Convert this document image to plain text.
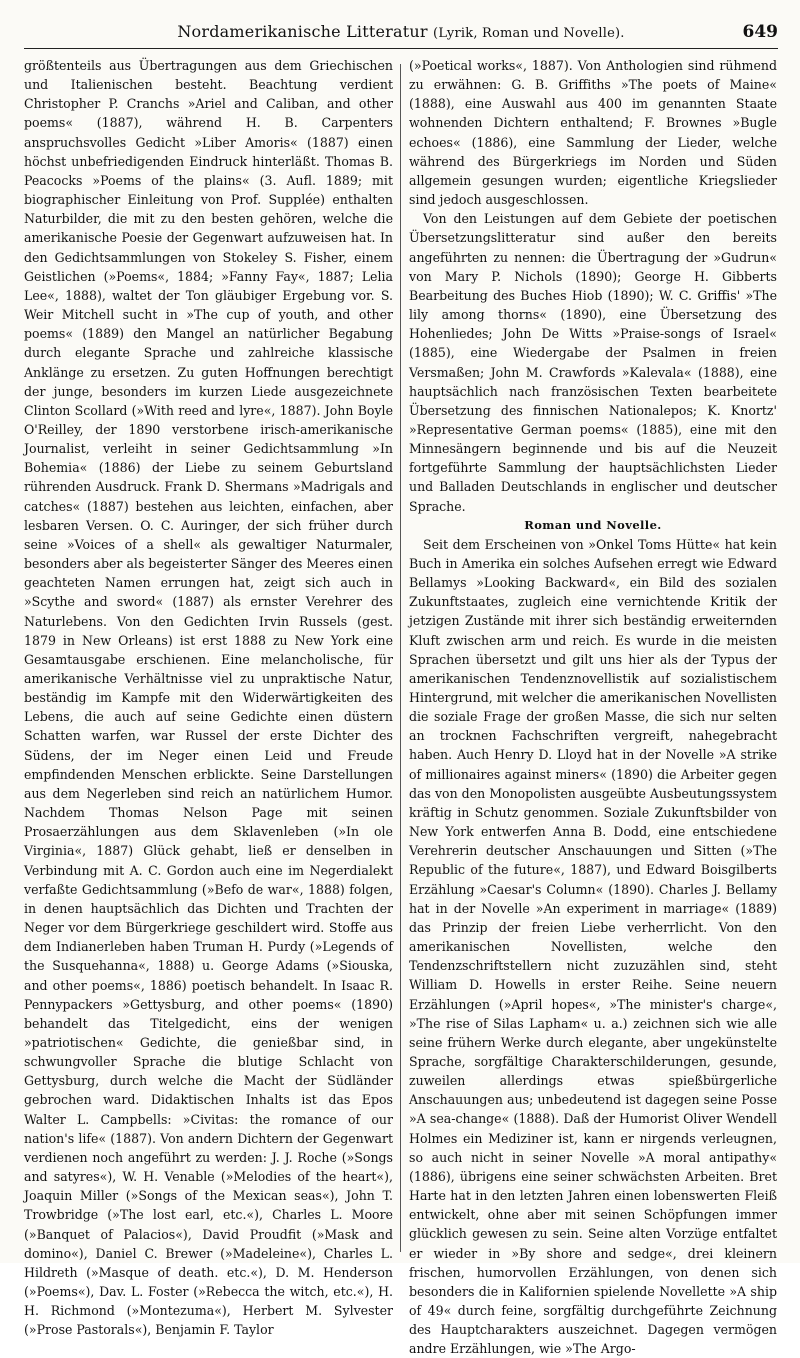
Nordamerikanische Litteratur (Lyrik, Roman und Novelle).	649

größtenteils aus Übertragungen aus dem Griechischen und Italienischen besteht. Beachtung verdient Christopher P. Cranchs »Ariel and Caliban, and other poems« (1887), während H. B. Carpenters anspruchsvolles Gedicht »Liber Amoris« (1887) einen höchst unbefriedigenden Eindruck hinterläßt. Thomas B. Peacocks »Poems of the plains« (3. Aufl. 1889; mit biographischer Einleitung von Prof. Supplée) enthalten Naturbilder, die mit zu den besten gehören, welche die amerikanische Poesie der Gegenwart aufzuweisen hat. In den Gedichtsammlungen von Stokeley S. Fisher, einem Geistlichen (»Poems«, 1884; »Fanny Fay«, 1887; Lelia Lee«, 1888), waltet der Ton gläubiger Ergebung vor. S. Weir Mitchell sucht in »The cup of youth, and other poems« (1889) den Mangel an natürlicher Begabung durch elegante Sprache und zahlreiche klassische Anklänge zu ersetzen. Zu guten Hoffnungen berechtigt der junge, besonders im kurzen Liede ausgezeichnete Clinton Scollard (»With reed and lyre«, 1887). John Boyle O'Reilley, der 1890 verstorbene irisch-amerikanische Journalist, verleiht in seiner Gedichtsammlung »In Bohemia« (1886) der Liebe zu seinem Geburtsland rührenden Ausdruck. Frank D. Shermans »Madrigals and catches« (1887) bestehen aus leichten, einfachen, aber lesbaren Versen. O. C. Auringer, der sich früher durch seine »Voices of a shell« als gewaltiger Naturmaler, besonders aber als begeisterter Sänger des Meeres einen geachteten Namen errungen hat, zeigt sich auch in »Scythe and sword« (1887) als ernster Verehrer des Naturlebens. Von den Gedichten Irvin Russels (gest. 1879 in New Orleans) ist erst 1888 zu New York eine Gesamtausgabe erschienen. Eine melancholische, für amerikanische Verhältnisse viel zu unpraktische Natur, beständig im Kampfe mit den Widerwärtigkeiten des Lebens, die auch auf seine Gedichte einen düstern Schatten warfen, war Russel der erste Dichter des Südens, der im Neger einen Leid und Freude empfindenden Menschen erblickte. Seine Darstellungen aus dem Negerleben sind reich an natürlichem Humor. Nachdem Thomas Nelson Page mit seinen Prosaerzählungen aus dem Sklavenleben (»In ole Virginia«, 1887) Glück gehabt, ließ er denselben in Verbindung mit A. C. Gordon auch eine im Negerdialekt verfaßte Gedichtsammlung (»Befo de war«, 1888) folgen, in denen hauptsächlich das Dichten und Trachten der Neger vor dem Bürgerkriege geschildert wird. Stoffe aus dem Indianerleben haben Truman H. Purdy (»Legends of the Susquehanna«, 1888) u. George Adams (»Siouska, and other poems«, 1886) poetisch behandelt. In Isaac R. Pennypackers »Gettysburg, and other poems« (1890) behandelt das Titelgedicht, eins der wenigen »patriotischen« Gedichte, die genießbar sind, in schwungvoller Sprache die blutige Schlacht von Gettysburg, durch welche die Macht der Südländer gebrochen ward. Didaktischen Inhalts ist das Epos Walter L. Campbells: »Civitas: the romance of our nation's life« (1887). Von andern Dichtern der Gegenwart verdienen noch angeführt zu werden: J. J. Roche (»Songs and satyres«), W. H. Venable (»Melodies of the heart«), Joaquin Miller (»Songs of the Mexican seas«), John T. Trowbridge (»The lost earl, etc.«), Charles L. Moore (»Banquet of Palacios«), David Proudfit (»Mask and domino«), Daniel C. Brewer (»Madeleine«), Charles L. Hildreth (»Masque of death. etc.«), D. M. Henderson (»Poems«), Dav. L. Foster (»Rebecca the witch, etc.«), H. H. Richmond (»Montezuma«), Herbert M. Sylvester (»Prose Pastorals«), Benjamin F. Taylor

(»Poetical works«, 1887). Von Anthologien sind rühmend zu erwähnen: G. B. Griffiths »The poets of Maine« (1888), eine Auswahl aus 400 im genannten Staate wohnenden Dichtern enthaltend; F. Brownes »Bugle echoes« (1886), eine Sammlung der Lieder, welche während des Bürgerkriegs im Norden und Süden allgemein gesungen wurden; eigentliche Kriegslieder sind jedoch ausgeschlossen.

Von den Leistungen auf dem Gebiete der poetischen Übersetzungslitteratur sind außer den bereits angeführten zu nennen: die Übertragung der »Gudrun« von Mary P. Nichols (1890); George H. Gibberts Bearbeitung des Buches Hiob (1890); W. C. Griffis' »The lily among thorns« (1890), eine Übersetzung des Hohenliedes; John De Witts »Praise-songs of Israel« (1885), eine Wiedergabe der Psalmen in freien Versmaßen; John M. Crawfords »Kalevala« (1888), eine hauptsächlich nach französischen Texten bearbeitete Übersetzung des finnischen Nationalepos; K. Knortz' »Representative German poems« (1885), eine mit den Minnesängern beginnende und bis auf die Neuzeit fortgeführte Sammlung der hauptsächlichsten Lieder und Balladen Deutschlands in englischer und deutscher Sprache.

Roman und Novelle.

Seit dem Erscheinen von »Onkel Toms Hütte« hat kein Buch in Amerika ein solches Aufsehen erregt wie Edward Bellamys »Looking Backward«, ein Bild des sozialen Zukunftstaates, zugleich eine vernichtende Kritik der jetzigen Zustände mit ihrer sich beständig erweiternden Kluft zwischen arm und reich. Es wurde in die meisten Sprachen übersetzt und gilt uns hier als der Typus der amerikanischen Tendenznovellistik auf sozialistischem Hintergrund, mit welcher die amerikanischen Novellisten die soziale Frage der großen Masse, die sich nur selten an trocknen Fachschriften vergreift, nahegebracht haben. Auch Henry D. Lloyd hat in der Novelle »A strike of millionaires against miners« (1890) die Arbeiter gegen das von den Monopolisten ausgeübte Ausbeutungssystem kräftig in Schutz genommen. Soziale Zukunftsbilder von New York entwerfen Anna B. Dodd, eine entschiedene Verehrerin deutscher Anschauungen und Sitten (»The Republic of the future«, 1887), und Edward Boisgilberts Erzählung »Caesar's Column« (1890). Charles J. Bellamy hat in der Novelle »An experiment in marriage« (1889) das Prinzip der freien Liebe verherrlicht. Von den amerikanischen Novellisten, welche den Tendenzschriftstellern nicht zuzuzählen sind, steht William D. Howells in erster Reihe. Seine neuern Erzählungen (»April hopes«, »The minister's charge«, »The rise of Silas Lapham« u. a.) zeichnen sich wie alle seine frühern Werke durch elegante, aber ungekünstelte Sprache, sorgfältige Charakterschilderungen, gesunde, zuweilen allerdings etwas spießbürgerliche Anschauungen aus; unbedeutend ist dagegen seine Posse »A sea-change« (1888). Daß der Humorist Oliver Wendell Holmes ein Mediziner ist, kann er nirgends verleugnen, so auch nicht in seiner Novelle »A moral antipathy« (1886), übrigens eine seiner schwächsten Arbeiten. Bret Harte hat in den letzten Jahren einen lobenswerten Fleiß entwickelt, ohne aber mit seinen Schöpfungen immer glücklich gewesen zu sein. Seine alten Vorzüge entfaltet er wieder in »By shore and sedge«, drei kleinern frischen, humorvollen Erzählungen, von denen sich besonders die in Kalifornien spielende Novellette »A ship of 49« durch feine, sorgfältig durchgeführte Zeichnung des Hauptcharakters auszeichnet. Dagegen vermögen andre Erzählungen, wie »The Argo-
